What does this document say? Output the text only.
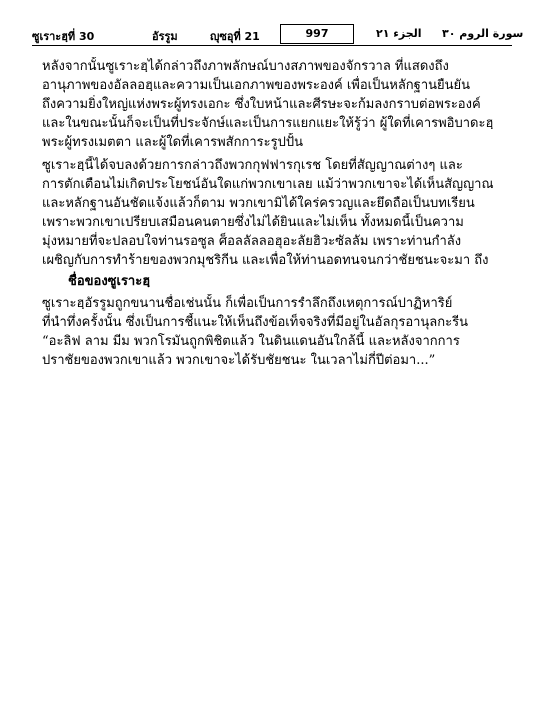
ซูเราะฮฺที่ 30	อัรรูม	ญุซอุที่ 21	997	الجزء ٢١ سورة الروم ٣٠
หลังจากนั้นซูเราะฮฺได้กล่าวถึงภาพลักษณ์บางสภาพของจักรวาล ที่แสดงถึง
อานุภาพของอัลลอฮฺและความเป็นเอกภาพของพระองค์ เพื่อเป็นหลักฐานยืนยัน
ถึงความยิ่งใหญ่แห่งพระผู้ทรงเอกะ ซึ่งใบหน้าและศีรษะจะก้มลงกราบต่อพระองค์
และในขณะนั้นก็จะเป็นที่ประจักษ์และเป็นการแยกแยะให้รู้ว่า ผู้ใดที่เคารพอิบาดะฮฺ
พระผู้ทรงเมตตา และผู้ใดที่เคารพสักการะรูปปั้น
ซูเราะฮฺนี้ได้จบลงด้วยการกล่าวถึงพวกกุฟฟารกุเรช โดยที่สัญญาณต่างๆ และ
การตักเตือนไม่เกิดประโยชน์อันใดแก่พวกเขาเลย แม้ว่าพวกเขาจะได้เห็นสัญญาณ
และหลักฐานอันชัดแจ้งแล้วก็ตาม พวกเขามิได้ใคร่ครวญและยึดถือเป็นบทเรียน
เพราะพวกเขาเปรียบเสมือนคนตายซึ่งไม่ได้ยินและไม่เห็น ทั้งหมดนี้เป็นความ
มุ่งหมายที่จะปลอบใจท่านรอซูล ศ็อลลัลลอฮุอะลัยฮิวะซัลลัม เพราะท่านกำลัง
เผชิญกับการทำร้ายของพวกมุชริกีน และเพื่อให้ท่านอดทนจนกว่าชัยชนะจะมา ถึง
ชื่อของซูเราะฮฺ
ซูเราะฮฺอัรรูมถูกขนานชื่อเช่นนั้น ก็เพื่อเป็นการรำลึกถึงเหตุการณ์ปาฏิหาริย์
ที่นำทึ่งครั้งนั้น ซึ่งเป็นการชี้แนะให้เห็นถึงข้อเท็จจริงที่มีอยู่ในอัลกุรอานุลกะรีน
“อะลิฟ ลาม มีม พวกโรมันถูกพิชิตแล้ว ในดินแดนอันใกล้นี้ และหลังจากการ
ปราชัยของพวกเขาแล้ว พวกเขาจะได้รับชัยชนะ ในเวลาไม่กี่ปีต่อมา...”
